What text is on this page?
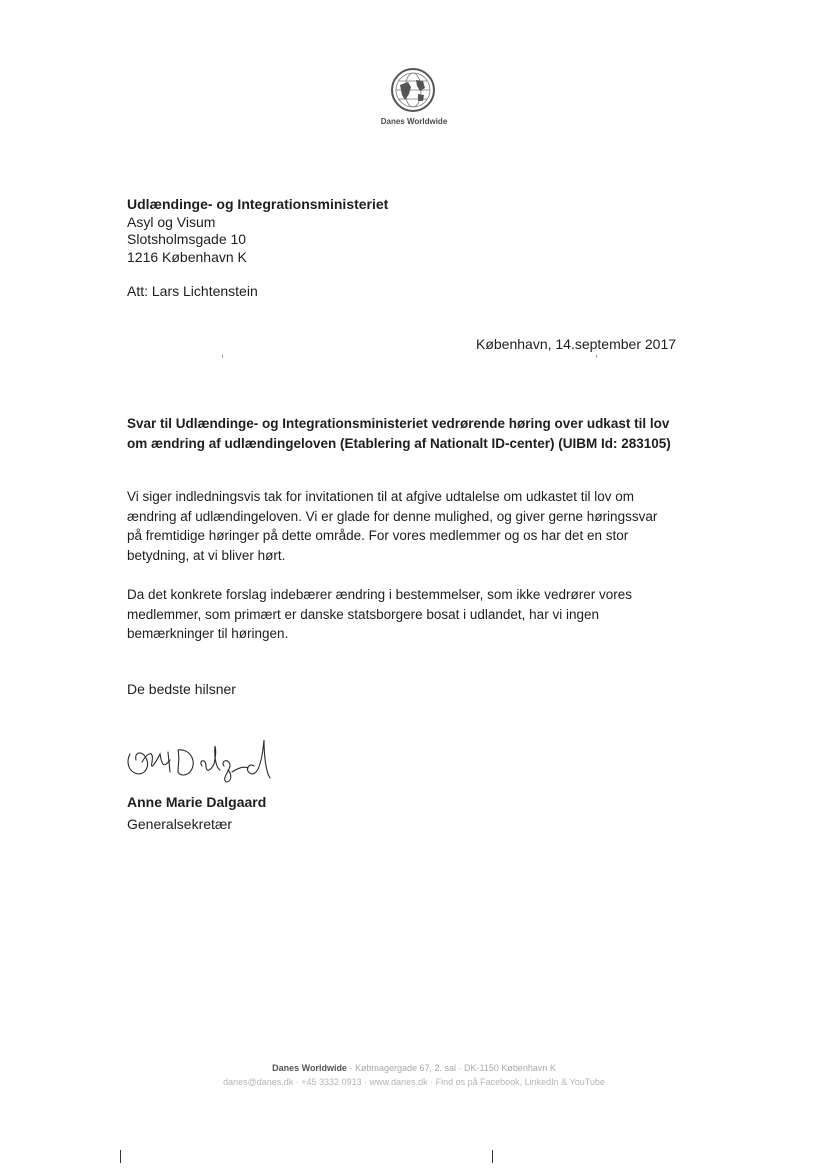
Danes Worldwide
Udlændinge- og Integrationsministeriet
Asyl og Visum
Slotsholmsgade 10
1216 København K
Att: Lars Lichtenstein
København, 14.september 2017
Svar til Udlændinge- og Integrationsministeriet vedrørende høring over udkast til lov om ændring af udlændingeloven (Etablering af Nationalt ID-center) (UIBM Id: 283105)
Vi siger indledningsvis tak for invitationen til at afgive udtalelse om udkastet til lov om ændring af udlændingeloven. Vi er glade for denne mulighed, og giver gerne høringssvar på fremtidige høringer på dette område. For vores medlemmer og os har det en stor betydning, at vi bliver hørt.
Da det konkrete forslag indebærer ændring i bestemmelser, som ikke vedrører vores medlemmer, som primært er danske statsborgere bosat i udlandet, har vi ingen bemærkninger til høringen.
De bedste hilsner
Anne Marie Dalgaard
Generalsekretær
Danes Worldwide · Købmagergade 67, 2. sal · DK-1150 København K
danes@danes.dk · +45 3332 0913 · www.danes.dk · Find os på Facebook, LinkedIn & YouTube
